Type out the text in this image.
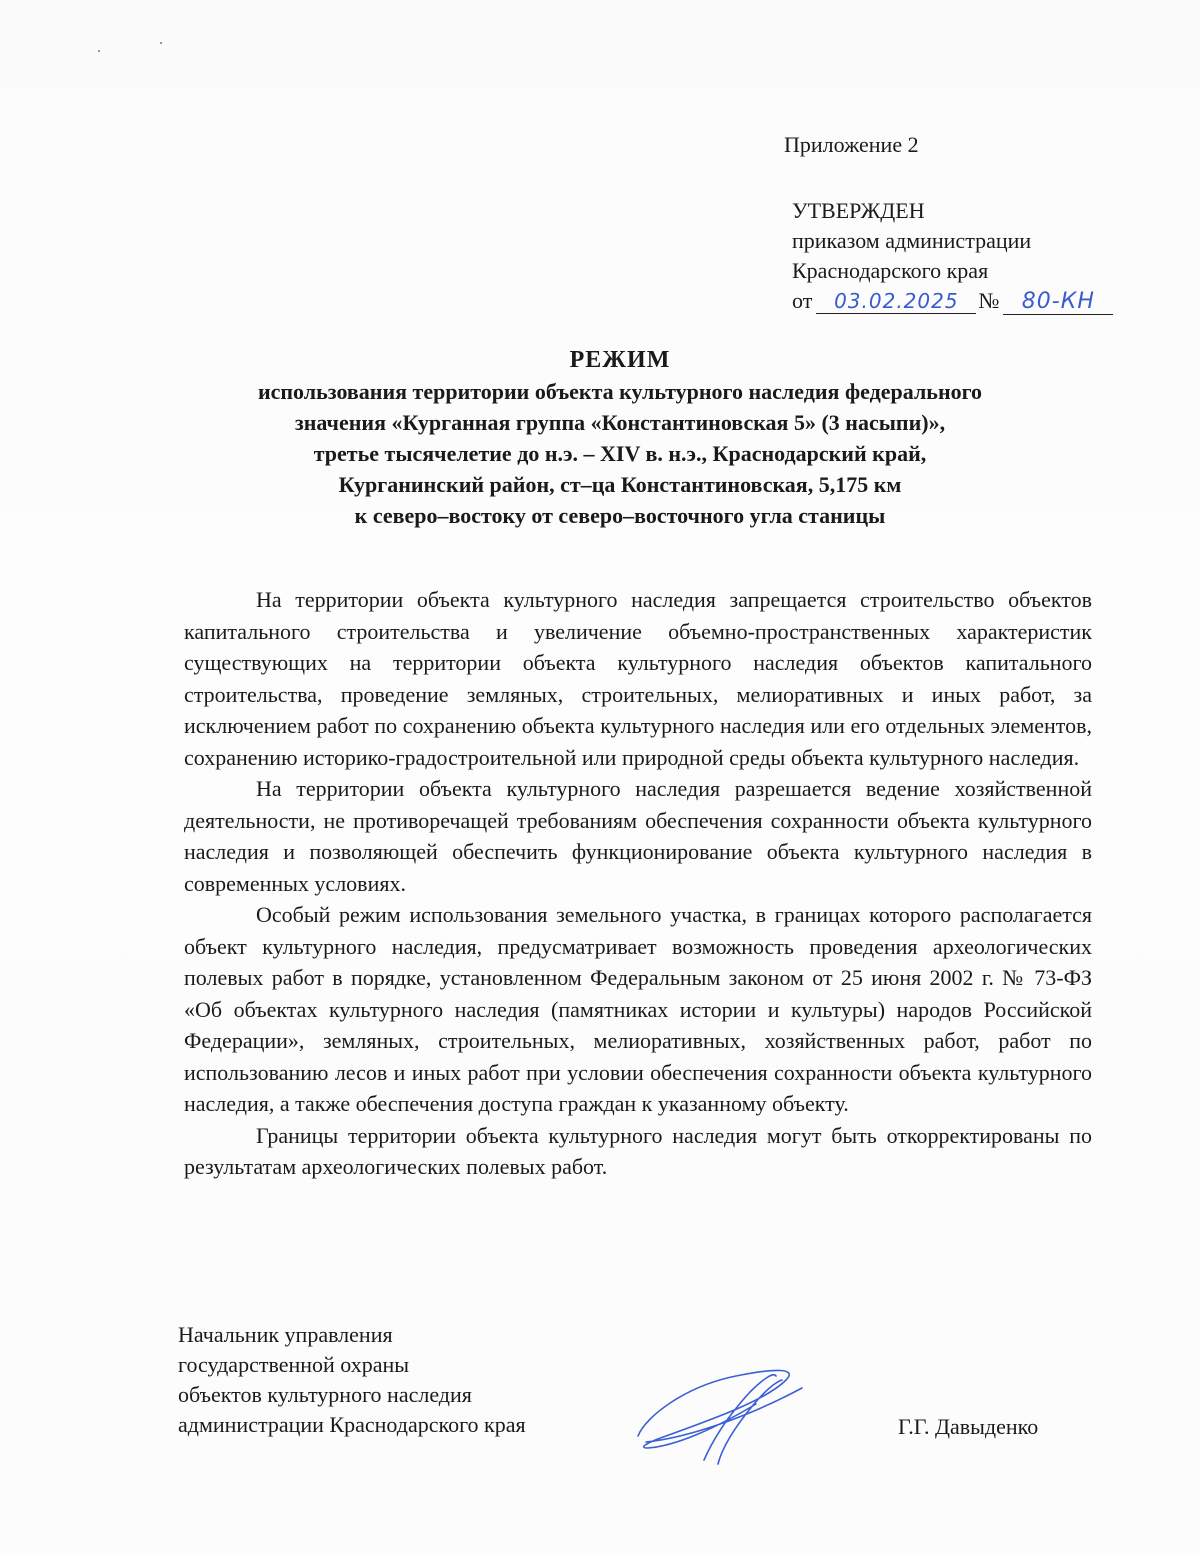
Приложение 2
УТВЕРЖДЕН
приказом администрации
Краснодарского края
от	03.02.2025 №	80-КН
РЕЖИМ
использования территории объекта культурного наследия федерального
значения «Курганная группа «Константиновская 5» (3 насыпи)»,
третье тысячелетие до н.э. – XIV в. н.э., Краснодарский край,
Курганинский район, ст–ца Константиновская, 5,175 км
к северо–востоку от северо–восточного угла станицы

На территории объекта культурного наследия запрещается строительство объектов капитального строительства и увеличение объемно-пространственных характеристик существующих на территории объекта культурного наследия объектов капитального строительства, проведение земляных, строительных, мелиоративных и иных работ, за исключением работ по сохранению объекта культурного наследия или его отдельных элементов, сохранению историко-градостроительной или природной среды объекта культурного наследия.

На территории объекта культурного наследия разрешается ведение хозяйственной деятельности, не противоречащей требованиям обеспечения сохранности объекта культурного наследия и позволяющей обеспечить функционирование объекта культурного наследия в современных условиях.

Особый режим использования земельного участка, в границах которого располагается объект культурного наследия, предусматривает возможность проведения археологических полевых работ в порядке, установленном Федеральным законом от 25 июня 2002 г. № 73-ФЗ «Об объектах культурного наследия (памятниках истории и культуры) народов Российской Федерации», земляных, строительных, мелиоративных, хозяйственных работ, работ по использованию лесов и иных работ при условии обеспечения сохранности объекта культурного наследия, а также обеспечения доступа граждан к указанному объекту.

Границы территории объекта культурного наследия могут быть откорректированы по результатам археологических полевых работ.

Начальник управления
государственной охраны
объектов культурного наследия
администрации Краснодарского края	Г.Г. Давыденко
